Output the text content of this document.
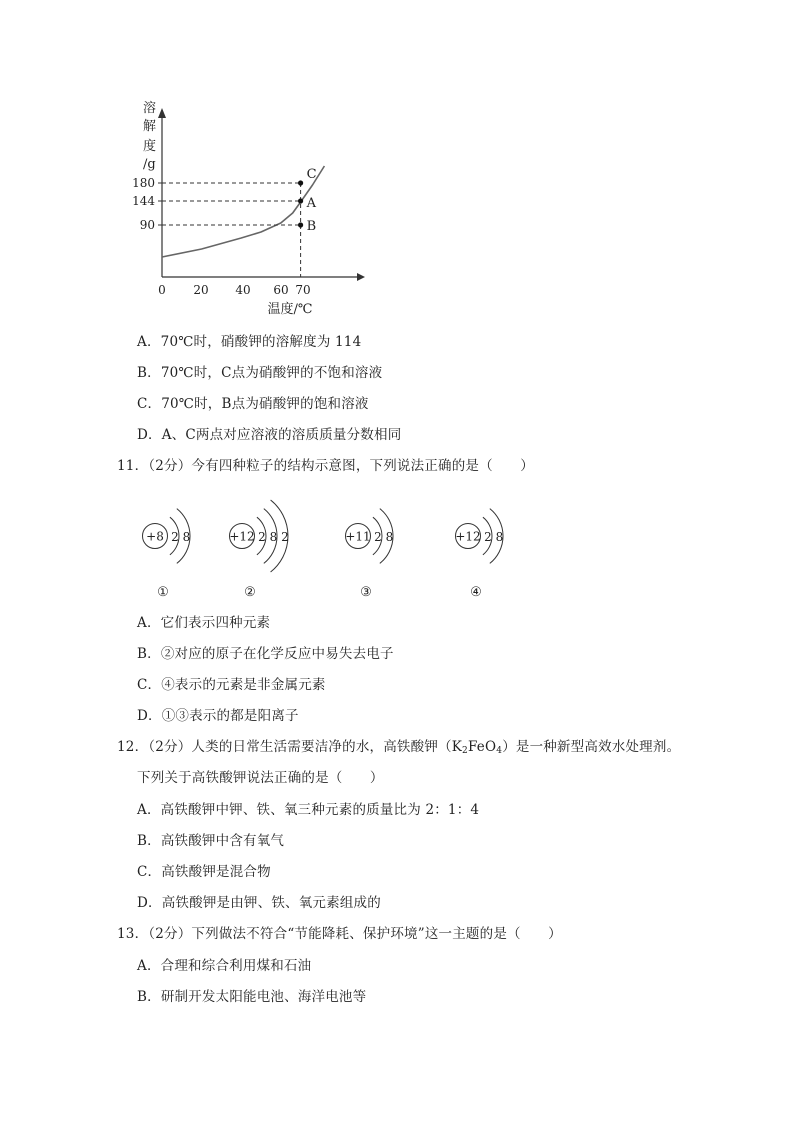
溶
解
度
/g
180
144
90
0 20 40 60 70
温度/℃
C
A
B
A．70℃时，硝酸钾的溶解度为 114
B．70℃时，C点为硝酸钾的不饱和溶液
C．70℃时，B点为硝酸钾的饱和溶液
D．A、C两点对应溶液的溶质质量分数相同
11．（2分）今有四种粒子的结构示意图，下列说法正确的是（　　）
+8 2 8
①
+12 2 8 2
②
+11 2 8
③
+12 2 8
④
A．它们表示四种元素
B．②对应的原子在化学反应中易失去电子
C．④表示的元素是非金属元素
D．①③表示的都是阳离子
12．（2分）人类的日常生活需要洁净的水，高铁酸钾$(K_2FeO_4)$是一种新型高效水处理剂。
下列关于高铁酸钾说法正确的是（　　）
A．高铁酸钾中钾、铁、氧三种元素的质量比为 2：1：4
B．高铁酸钾中含有氧气
C．高铁酸钾是混合物
D．高铁酸钾是由钾、铁、氧元素组成的
13．（2分）下列做法不符合“节能降耗、保护环境”这一主题的是（　　）
A．合理和综合利用煤和石油
B．研制开发太阳能电池、海洋电池等
